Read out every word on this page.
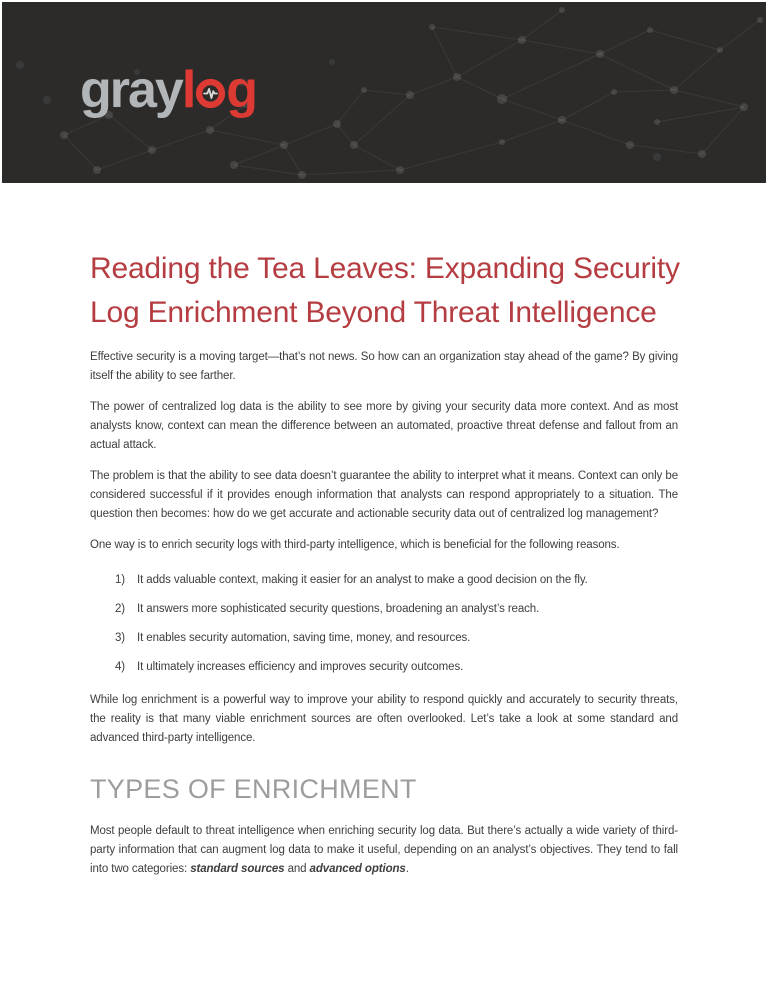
gray l g
Reading the Tea Leaves: Expanding Security
Log Enrichment Beyond Threat Intelligence

Effective security is a moving target—that’s not news. So how can an organization stay ahead of the game? By giving itself the ability to see farther.

The power of centralized log data is the ability to see more by giving your security data more context. And as most analysts know, context can mean the difference between an automated, proactive threat defense and fallout from an actual attack.

The problem is that the ability to see data doesn’t guarantee the ability to interpret what it means. Context can only be considered successful if it provides enough information that analysts can respond appropriately to a situation. The question then becomes: how do we get accurate and actionable security data out of centralized log management?

One way is to enrich security logs with third-party intelligence, which is beneficial for the following reasons.

1)	It adds valuable context, making it easier for an analyst to make a good decision on the fly.
2)	It answers more sophisticated security questions, broadening an analyst’s reach.
3)	It enables security automation, saving time, money, and resources.
4)	It ultimately increases efficiency and improves security outcomes.

While log enrichment is a powerful way to improve your ability to respond quickly and accurately to security threats, the reality is that many viable enrichment sources are often overlooked. Let’s take a look at some standard and advanced third-party intelligence.

TYPES OF ENRICHMENT

Most people default to threat intelligence when enriching security log data. But there’s actually a wide variety of third-party information that can augment log data to make it useful, depending on an analyst’s objectives. They tend to fall into two categories: standard sources and advanced options.
